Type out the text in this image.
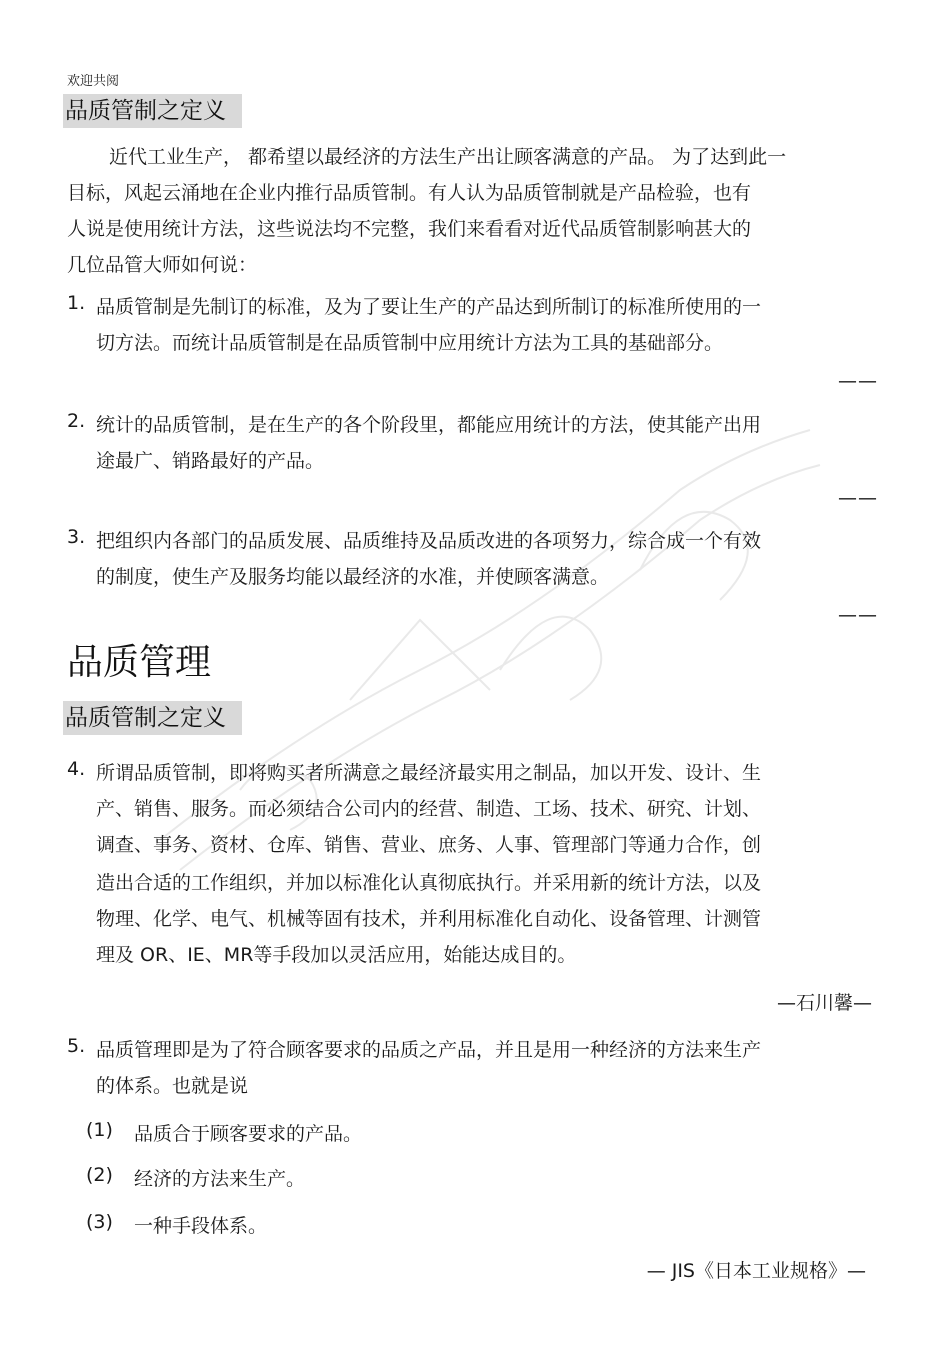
欢迎共阅
品质管制之定义
近代工业生产， 都希望以最经济的方法生产出让顾客满意的产品。 为了达到此一
目标，风起云涌地在企业内推行品质管制。有人认为品质管制就是产品检验，也有
人说是使用统计方法，这些说法均不完整，我们来看看对近代品质管制影响甚大的
几位品管大师如何说：
1. 品质管制是先制订的标准，及为了要让生产的产品达到所制订的标准所使用的一
切方法。而统计品质管制是在品质管制中应用统计方法为工具的基础部分。
——
2. 统计的品质管制，是在生产的各个阶段里，都能应用统计的方法，使其能产出用
途最广、销路最好的产品。
——
3. 把组织内各部门的品质发展、品质维持及品质改进的各项努力，综合成一个有效
的制度，使生产及服务均能以最经济的水准，并使顾客满意。
——
品质管理
品质管制之定义
4. 所谓品质管制，即将购买者所满意之最经济最实用之制品，加以开发、设计、生
产、销售、服务。而必须结合公司内的经营、制造、工场、技术、研究、计划、
调查、事务、资材、仓库、销售、营业、庶务、人事、管理部门等通力合作，创
造出合适的工作组织，并加以标准化认真彻底执行。并采用新的统计方法，以及
物理、化学、电气、机械等固有技术，并利用标准化自动化、设备管理、计测管
理及 OR、IE、MR等手段加以灵活应用，始能达成目的。
—石川馨—
5. 品质管理即是为了符合顾客要求的品质之产品，并且是用一种经济的方法来生产
的体系。也就是说
(1) 品质合于顾客要求的产品。
(2) 经济的方法来生产。
(3) 一种手段体系。
— JIS《日本工业规格》—
